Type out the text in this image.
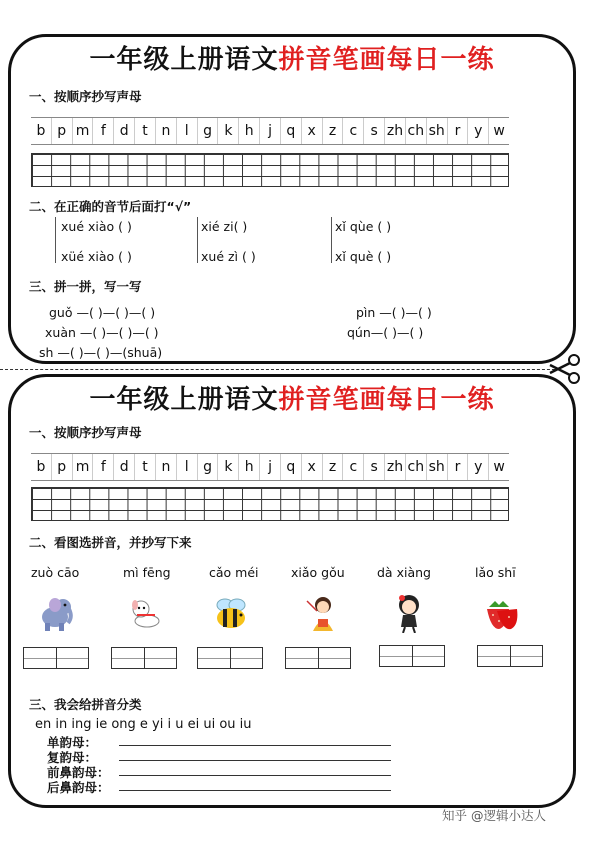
一年级上册语文拼音笔画每日一练
一、按顺序抄写声母
b p m f d t n	l	g k h	j	q x z c s zh ch sh r y w
二、在正确的音节后面打“√”
xué xiào ( )	xié zi( )	xǐ qùe ( )
xüé xiào ( )	xué zì ( )	xǐ què ( )
三、拼一拼，写一写
guǒ —( )—( )—( )	pìn —( )—( )
xuàn —( )—( )—( )	qún—( )—( )
sh —( )—( )—(shuā)
一年级上册语文拼音笔画每日一练
一、按顺序抄写声母
b p m f d t n	l	g k h	j	q x z c s zh ch sh r y w
二、看图选拼音，并抄写下来
zuò cāo	mì fēng	cǎo méi	xiǎo gǒu	dà xiàng	lǎo shī
三、我会给拼音分类
en in ing ie ong e yi i u ei ui ou iu
单韵母：
复韵母：
前鼻韵母：
后鼻韵母：
知乎 @逻辑小达人
